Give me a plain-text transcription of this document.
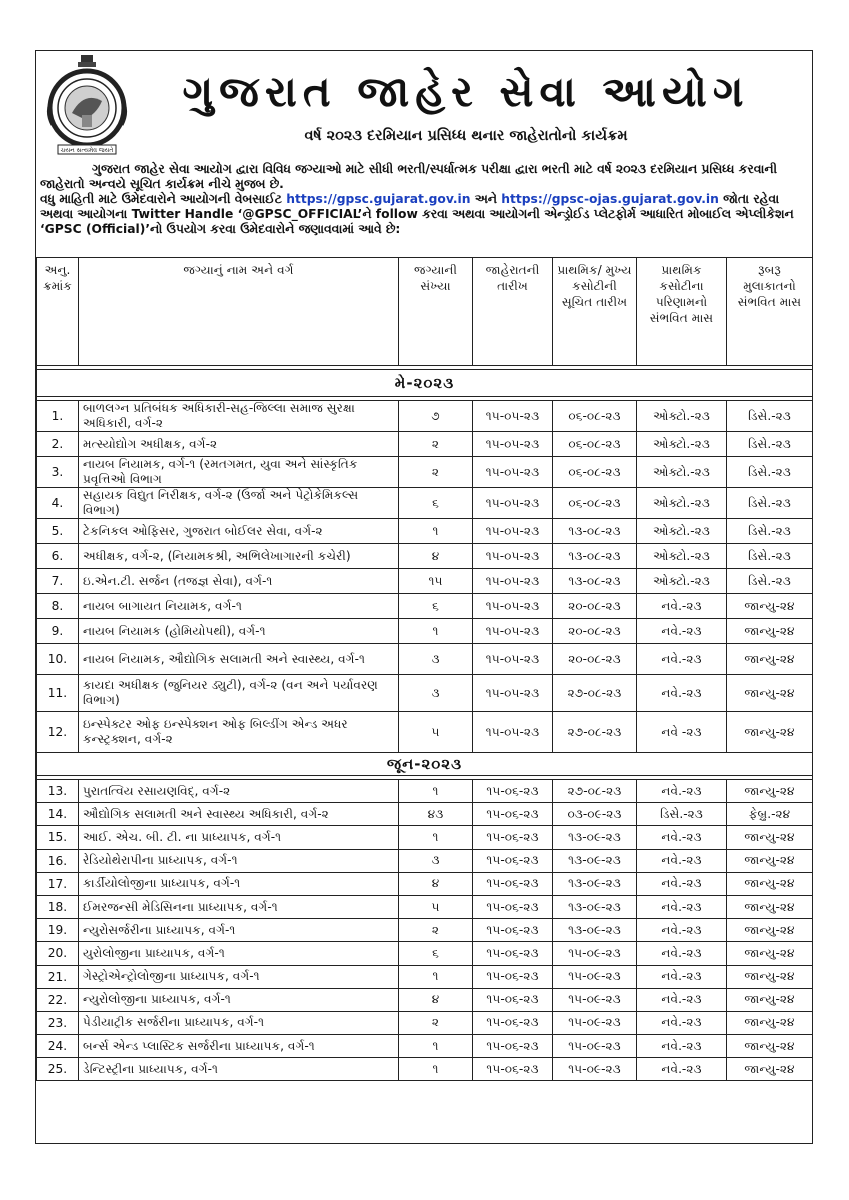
ચયન સત્યમેવ જયતે
ગુજરાત જાહેર સેવા આયોગ
વર્ષ ૨૦૨૩ દરમિયાન પ્રસિધ્ધ થનાર જાહેરાતોનો કાર્યક્રમ
ગુજરાત જાહેર સેવા આયોગ દ્વારા વિવિધ જગ્યાઓ માટે સીધી ભરતી/સ્પર્ધાત્મક પરીક્ષા દ્વારા ભરતી માટે વર્ષ ૨૦૨૩ દરમિયાન પ્રસિધ્ધ કરવાની જાહેરાતો અન્વયે સૂચિત કાર્યક્રમ નીચે મુજબ છે.
વધુ માહિતી માટે ઉમેદવારોને આયોગની વેબસાઈટ https://gpsc.gujarat.gov.in અને https://gpsc-ojas.gujarat.gov.in જોતા રહેવા અથવા આયોગના Twitter Handle ‘@GPSC_OFFICIAL’ને follow કરવા અથવા આયોગની એન્ડ્રોઈડ પ્લેટફોર્મ આધારિત મોબાઈલ એપ્લીકેશન ‘GPSC (Official)’નો ઉપયોગ કરવા ઉમેદવારોને જણાવવામાં આવે છે:
અનુ. ક્રમાંક	જગ્યાનું નામ અને વર્ગ	જગ્યાની સંખ્યા	જાહેરાતની તારીખ	પ્રાથમિક/ મુખ્ય કસોટીની સૂચિત તારીખ	પ્રાથમિક કસોટીના પરિણામનો સંભવિત માસ	રૂબરૂ મુલાકાતનો સંભવિત માસ

મે-૨૦૨૩						

1.	બાળલગ્ન પ્રતિબંધક અધિકારી-સહ-જિલ્લા સમાજ સુરક્ષા અધિકારી, વર્ગ-૨	૭	૧૫-૦૫-૨૩	૦૬-૦૮-૨૩	ઓક્ટો.-૨૩	ડિસે.-૨૩
2.	મત્સ્યોદ્યોગ અધીક્ષક, વર્ગ-૨	૨	૧૫-૦૫-૨૩	૦૬-૦૮-૨૩	ઓક્ટો.-૨૩	ડિસે.-૨૩
3.	નાયબ નિયામક, વર્ગ-૧ (રમતગમત, યુવા અને સાંસ્કૃતિક પ્રવૃત્તિઓ વિભાગ	૨	૧૫-૦૫-૨૩	૦૬-૦૮-૨૩	ઓક્ટો.-૨૩	ડિસે.-૨૩
4.	સહાયક વિદ્યુત નિરીક્ષક, વર્ગ-૨ (ઉર્જા અને પેટ્રોકેમિકલ્સ વિભાગ)	૬	૧૫-૦૫-૨૩	૦૬-૦૮-૨૩	ઓક્ટો.-૨૩	ડિસે.-૨૩
5.	ટેકનિકલ ઓફિસર, ગુજરાત બોઈલર સેવા, વર્ગ-૨	૧	૧૫-૦૫-૨૩	૧૩-૦૮-૨૩	ઓક્ટો.-૨૩	ડિસે.-૨૩
6.	અધીક્ષક, વર્ગ-૨, (નિયામકશ્રી, અભિલેખાગારની કચેરી)	૪	૧૫-૦૫-૨૩	૧૩-૦૮-૨૩	ઓક્ટો.-૨૩	ડિસે.-૨૩
7.	ઇ.એન.ટી. સર્જન (તજજ્ઞ સેવા), વર્ગ-૧	૧૫	૧૫-૦૫-૨૩	૧૩-૦૮-૨૩	ઓક્ટો.-૨૩	ડિસે.-૨૩
8.	નાયબ બાગાયત નિયામક, વર્ગ-૧	૬	૧૫-૦૫-૨૩	૨૦-૦૮-૨૩	નવે.-૨૩	જાન્યુ-૨૪
9.	નાયબ નિયામક (હોમિયોપથી), વર્ગ-૧	૧	૧૫-૦૫-૨૩	૨૦-૦૮-૨૩	નવે.-૨૩	જાન્યુ-૨૪
10.	નાયબ નિયામક, ઔદ્યોગિક સલામતી અને સ્વાસ્થ્ય, વર્ગ-૧	૩	૧૫-૦૫-૨૩	૨૦-૦૮-૨૩	નવે.-૨૩	જાન્યુ-૨૪
11.	કાયદા અધીક્ષક (જુનિયર ડ્યુટી), વર્ગ-૨ (વન અને પર્યાવરણ વિભાગ)	૩	૧૫-૦૫-૨૩	૨૭-૦૮-૨૩	નવે.-૨૩	જાન્યુ-૨૪
12.	ઇન્સ્પેક્ટર ઓફ ઇન્સ્પેક્શન ઓફ બિલ્ડીંગ એન્ડ અધર કન્સ્ટ્રક્શન, વર્ગ-૨	૫	૧૫-૦૫-૨૩	૨૭-૦૮-૨૩	નવે -૨૩	જાન્યુ-૨૪
જૂન-૨૦૨૩						

13.	પુરાતત્વિય રસાયણવિદ્, વર્ગ-૨	૧	૧૫-૦૬-૨૩	૨૭-૦૮-૨૩	નવે.-૨૩	જાન્યુ-૨૪
14.	ઔદ્યોગિક સલામતી અને સ્વાસ્થ્ય અધિકારી, વર્ગ-૨	૪૩	૧૫-૦૬-૨૩	૦૩-૦૯-૨૩	ડિસે.-૨૩	ફેબ્રુ.-૨૪
15.	આઈ. એચ. બી. ટી. ના પ્રાધ્યાપક, વર્ગ-૧	૧	૧૫-૦૬-૨૩	૧૩-૦૯-૨૩	નવે.-૨૩	જાન્યુ-૨૪
16.	રેડિયોથેરાપીના પ્રાધ્યાપક, વર્ગ-૧	૩	૧૫-૦૬-૨૩	૧૩-૦૯-૨૩	નવે.-૨૩	જાન્યુ-૨૪
17.	કાર્ડીયોલોજીના પ્રાધ્યાપક, વર્ગ-૧	૪	૧૫-૦૬-૨૩	૧૩-૦૯-૨૩	નવે.-૨૩	જાન્યુ-૨૪
18.	ઈમરજન્સી મેડિસિનના પ્રાધ્યાપક, વર્ગ-૧	૫	૧૫-૦૬-૨૩	૧૩-૦૯-૨૩	નવે.-૨૩	જાન્યુ-૨૪
19.	ન્યુરોસર્જરીના પ્રાધ્યાપક, વર્ગ-૧	૨	૧૫-૦૬-૨૩	૧૩-૦૯-૨૩	નવે.-૨૩	જાન્યુ-૨૪
20.	યુરોલોજીના પ્રાધ્યાપક, વર્ગ-૧	૬	૧૫-૦૬-૨૩	૧૫-૦૯-૨૩	નવે.-૨૩	જાન્યુ-૨૪
21.	ગેસ્ટ્રોએન્ટ્રોલોજીના પ્રાધ્યાપક, વર્ગ-૧	૧	૧૫-૦૬-૨૩	૧૫-૦૯-૨૩	નવે.-૨૩	જાન્યુ-૨૪
22.	ન્યુરોલોજીના પ્રાધ્યાપક, વર્ગ-૧	૪	૧૫-૦૬-૨૩	૧૫-૦૯-૨૩	નવે.-૨૩	જાન્યુ-૨૪
23.	પેડીયાટ્રીક સર્જરીના પ્રાધ્યાપક, વર્ગ-૧	૨	૧૫-૦૬-૨૩	૧૫-૦૯-૨૩	નવે.-૨૩	જાન્યુ-૨૪
24.	બર્ન્સ એન્ડ પ્લાસ્ટિક સર્જરીના પ્રાધ્યાપક, વર્ગ-૧	૧	૧૫-૦૬-૨૩	૧૫-૦૯-૨૩	નવે.-૨૩	જાન્યુ-૨૪
25.	ડેન્ટિસ્ટ્રીના પ્રાધ્યાપક, વર્ગ-૧	૧	૧૫-૦૬-૨૩	૧૫-૦૯-૨૩	નવે.-૨૩	જાન્યુ-૨૪
